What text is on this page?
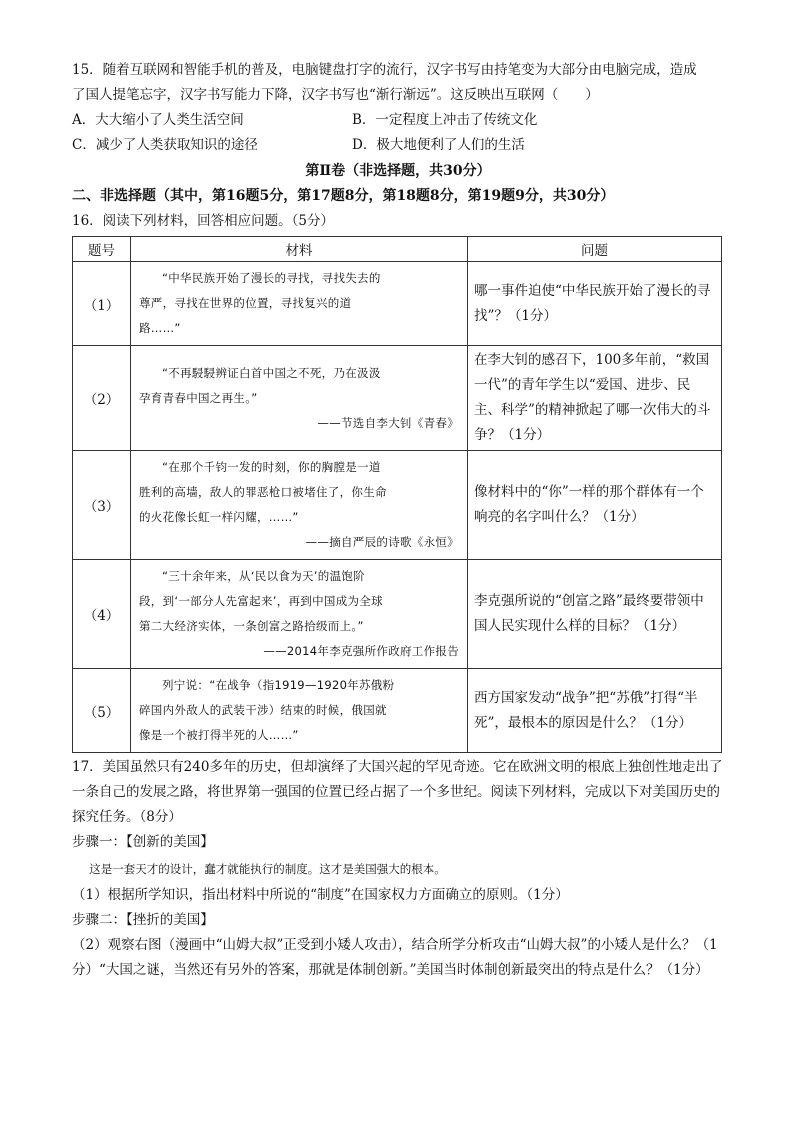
15．随着互联网和智能手机的普及，电脑键盘打字的流行，汉字书写由持笔变为大部分由电脑完成，造成
了国人提笔忘字，汉字书写能力下降，汉字书写也“渐行渐远”。这反映出互联网（　　）
A．大大缩小了人类生活空间	B．一定程度上冲击了传统文化
C．减少了人类获取知识的途径	D．极大地便利了人们的生活
第Ⅱ卷（非选择题，共30分）
二、非选择题（其中，第16题5分，第17题8分，第18题8分，第19题9分，共30分）
16．阅读下列材料，回答相应问题。（5分）
题号	材料	问题
（1）	“中华民族开始了漫长的寻找，寻找失去的
尊严，寻找在世界的位置，寻找复兴的道
路……”	哪一事件迫使“中华民族开始了漫长的寻找”？（1分）
（2）	“不再駸駸辨证白首中国之不死，乃在汲汲
孕育青春中国之再生。”
——节选自李大钊《青春》	在李大钊的感召下，100多年前，“救国一代”的青年学生以“爱国、进步、民主、科学”的精神掀起了哪一次伟大的斗争？（1分）
（3）	“在那个千钧一发的时刻，你的胸膛是一道
胜利的高墙，敌人的罪恶枪口被堵住了，你生命
的火花像长虹一样闪耀，……”
——摘自严辰的诗歌《永恒》	像材料中的“你”一样的那个群体有一个响亮的名字叫什么？（1分）
（4）	“三十余年来，从‘民以食为天’的温饱阶
段，到‘一部分人先富起来’，再到中国成为全球
第二大经济实体，一条创富之路拾级而上。”
——2014年李克强所作政府工作报告	李克强所说的“创富之路”最终要带领中国人民实现什么样的目标？（1分）
（5）	列宁说：“在战争（指1919—1920年苏俄粉
碎国内外敌人的武装干涉）结束的时候，俄国就
像是一个被打得半死的人……”	西方国家发动“战争”把“苏俄”打得“半死”，最根本的原因是什么？（1分）
17．美国虽然只有240多年的历史，但却演绎了大国兴起的罕见奇迹。它在欧洲文明的根底上独创性地走出了一条自己的发展之路，将世界第一强国的位置已经占据了一个多世纪。阅读下列材料，完成以下对美国历史的探究任务。（8分）
步骤一：【创新的美国】
这是一套天才的设计，蠢才就能执行的制度。这才是美国强大的根本。
（1）根据所学知识，指出材料中所说的“制度”在国家权力方面确立的原则。（1分）
步骤二：【挫折的美国】
（2）观察右图（漫画中“山姆大叔”正受到小矮人攻击），结合所学分析攻击“山姆大叔”的小矮人是什么？（1分）“大国之谜，当然还有另外的答案，那就是体制创新。”美国当时体制创新最突出的特点是什么？（1分）
